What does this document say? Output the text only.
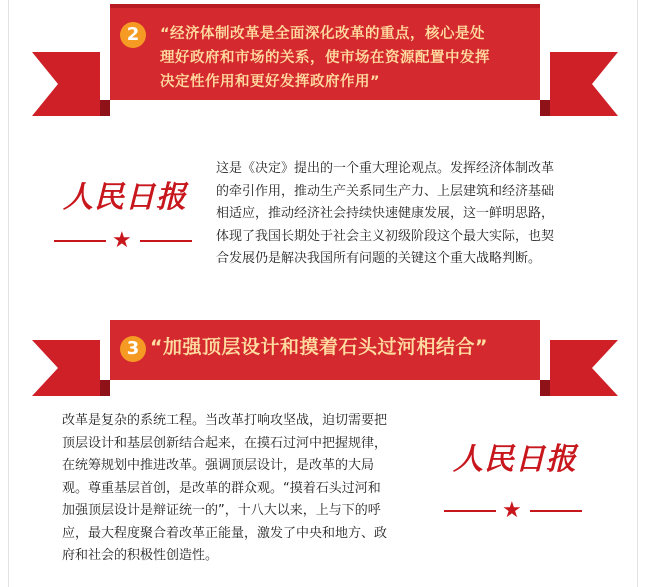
2	“经济体制改革是全面深化改革的重点，核心是处
理好政府和市场的关系，使市场在资源配置中发挥
决定性作用和更好发挥政府作用”
人民日报
★
这是《决定》提出的一个重大理论观点。发挥经济体制改革
的牵引作用，推动生产关系同生产力、上层建筑和经济基础
相适应，推动经济社会持续快速健康发展，这一鲜明思路，
体现了我国长期处于社会主义初级阶段这个最大实际，也契
合发展仍是解决我国所有问题的关键这个重大战略判断。
3 “加强顶层设计和摸着石头过河相结合”
改革是复杂的系统工程。当改革打响攻坚战，迫切需要把
顶层设计和基层创新结合起来，在摸石过河中把握规律，
在统筹规划中推进改革。强调顶层设计，是改革的大局
观。尊重基层首创，是改革的群众观。“摸着石头过河和
加强顶层设计是辩证统一的”，十八大以来，上与下的呼
应，最大程度聚合着改革正能量，激发了中央和地方、政
府和社会的积极性创造性。
人民日报
★
